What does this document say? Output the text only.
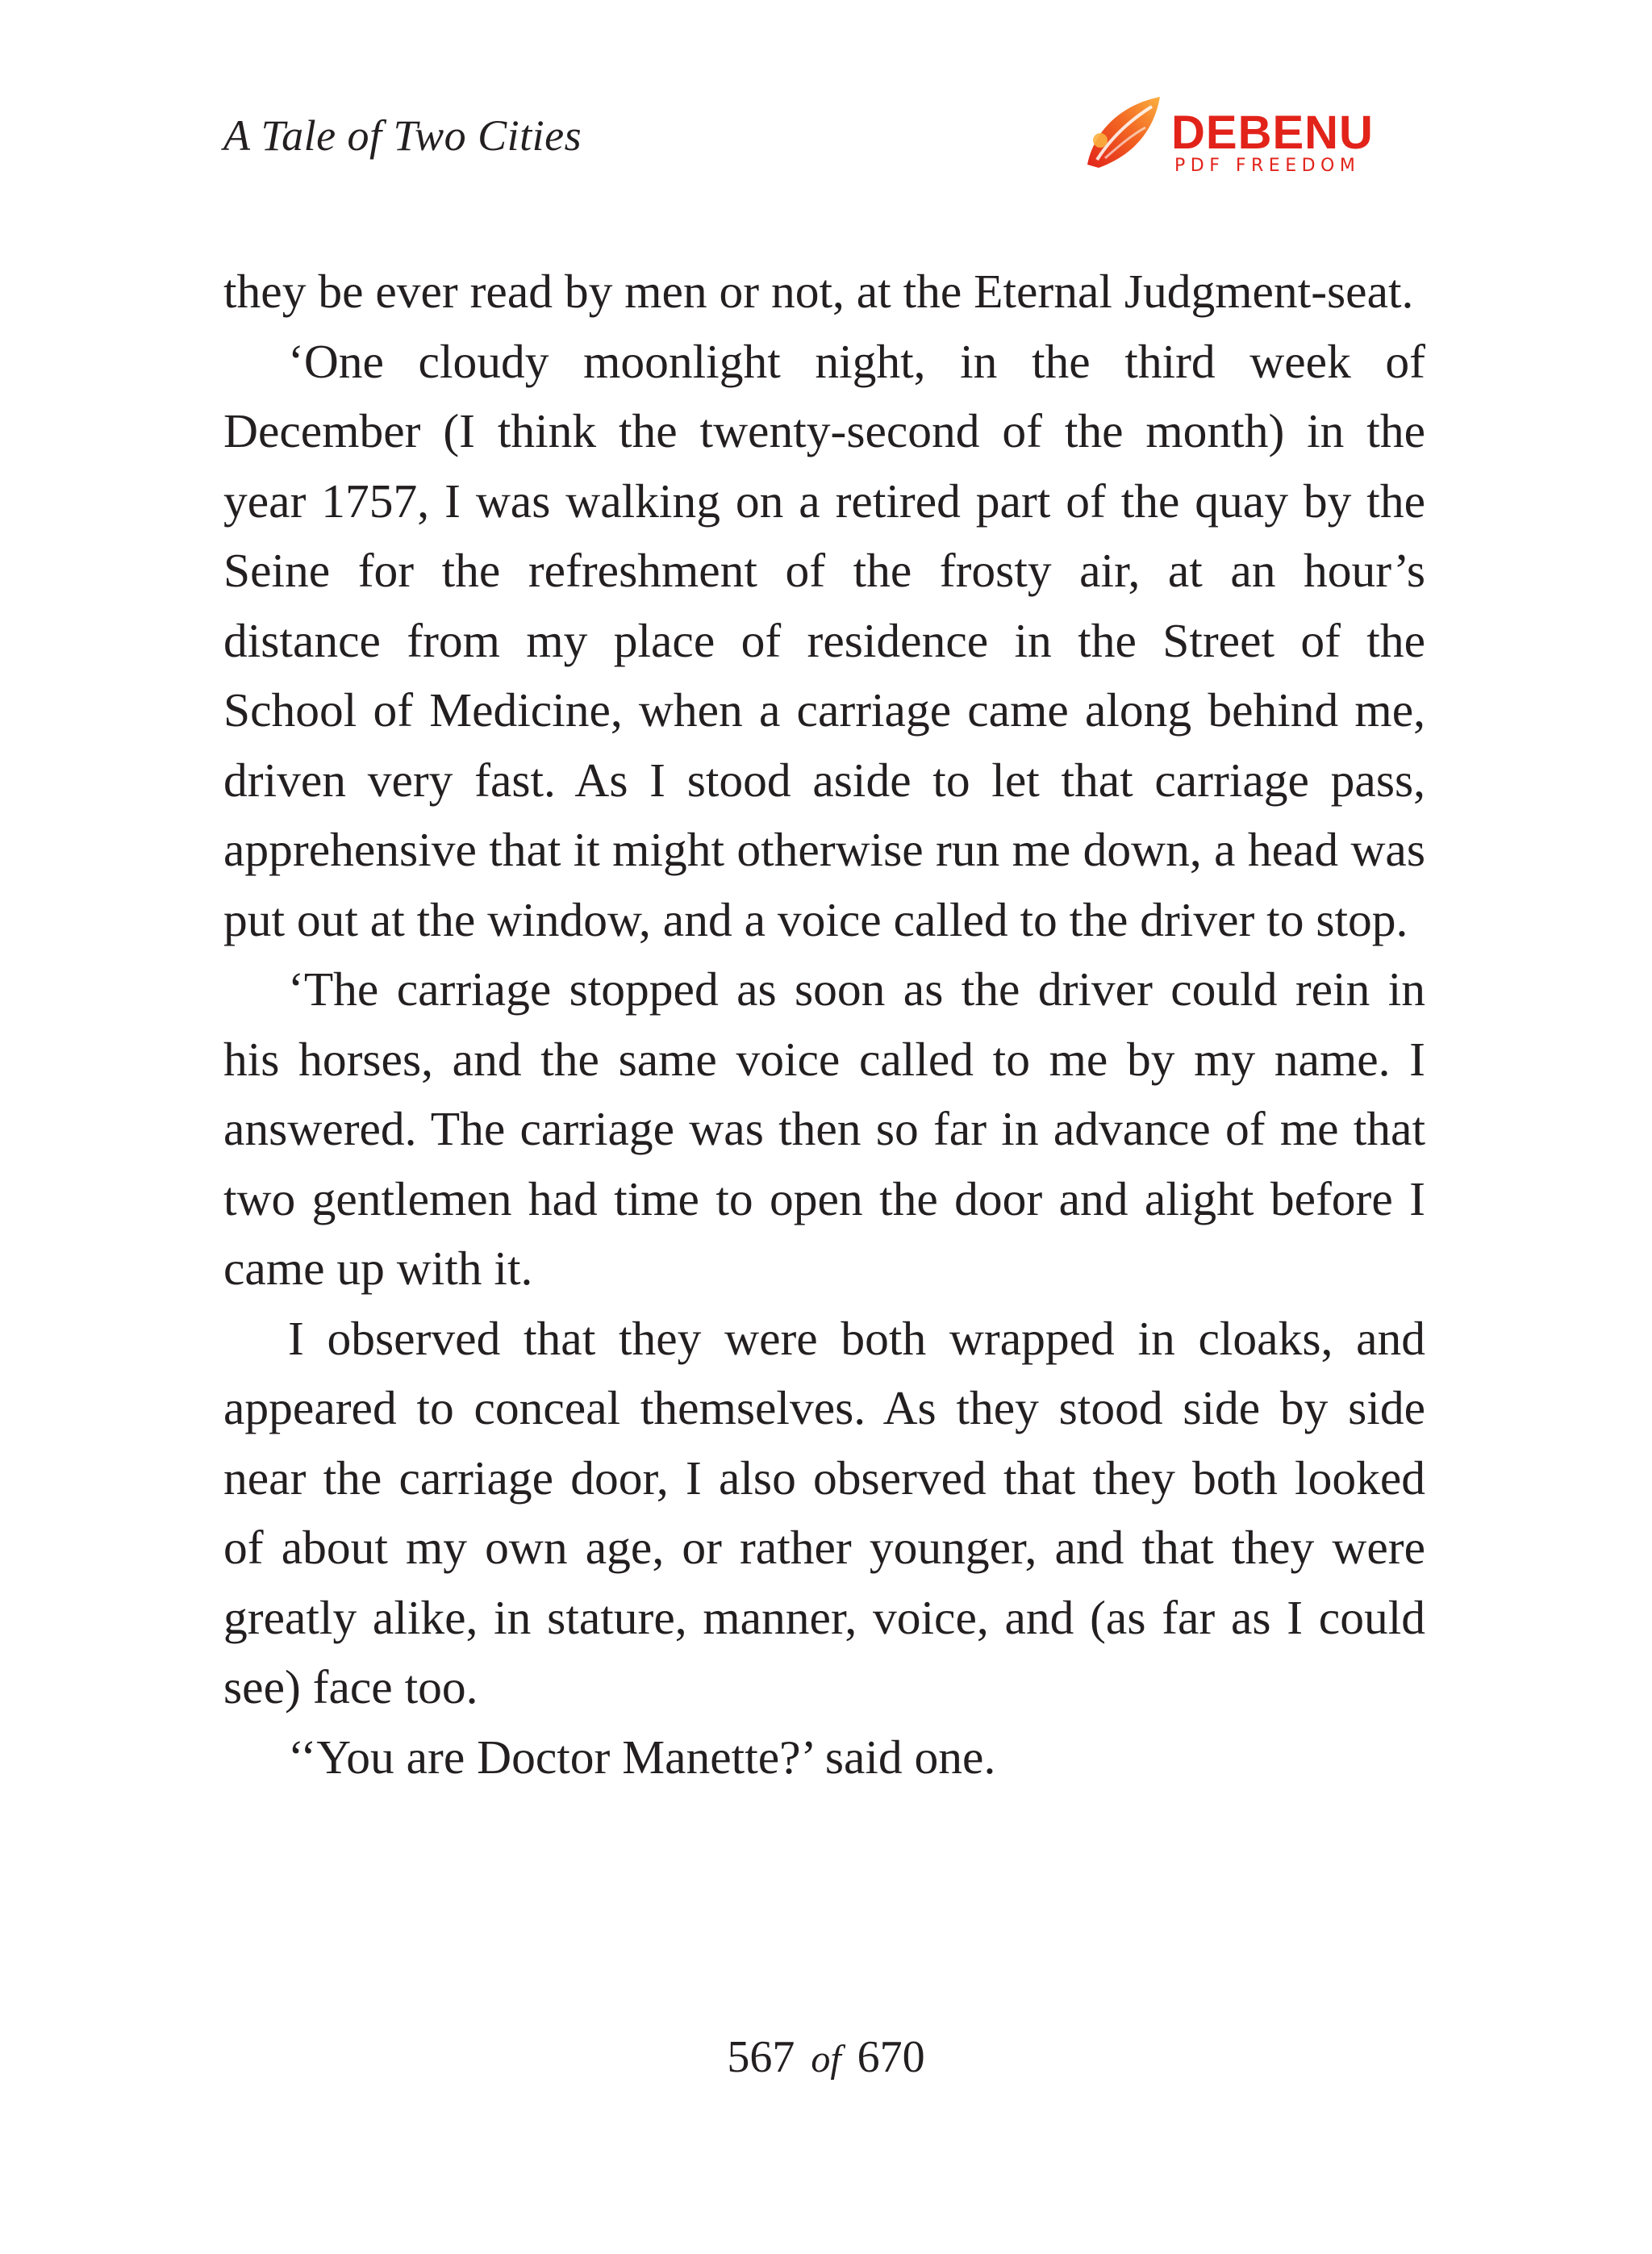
A Tale of Two Cities	DEBENU
PDF FREEDOM

they be ever read by men or not, at the Eternal Judgment-seat.

‘One cloudy moonlight night, in the third week of December (I think the twenty-second of the month) in the year 1757, I was walking on a retired part of the quay by the Seine for the refreshment of the frosty air, at an hour’s distance from my place of residence in the Street of the School of Medicine, when a carriage came along behind me, driven very fast. As I stood aside to let that carriage pass, apprehensive that it might otherwise run me down, a head was put out at the window, and a voice called to the driver to stop.

‘The carriage stopped as soon as the driver could rein in his horses, and the same voice called to me by my name. I answered. The carriage was then so far in advance of me that two gentlemen had time to open the door and alight before I came up with it.

I observed that they were both wrapped in cloaks, and appeared to conceal themselves. As they stood side by side near the carriage door, I also observed that they both looked of about my own age, or rather younger, and that they were greatly alike, in stature, manner, voice, and (as far as I could see) face too.

‘‘You are Doctor Manette?’ said one.

567 of 670
